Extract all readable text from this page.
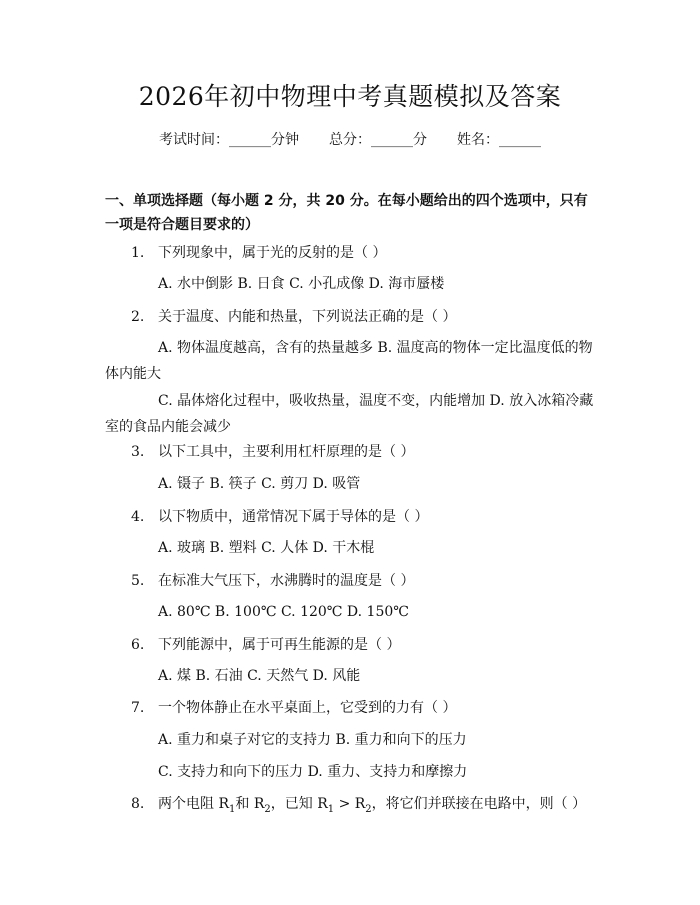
2026年初中物理中考真题模拟及答案
考试时间：______分钟 总分：______分 姓名：______
一、单项选择题（每小题 2 分，共 20 分。在每小题给出的四个选项中，只有一项是符合题目要求的）
1. 下列现象中，属于光的反射的是（ ）
A. 水中倒影 B. 日食 C. 小孔成像 D. 海市蜃楼
2. 关于温度、内能和热量，下列说法正确的是（ ）
A. 物体温度越高，含有的热量越多 B. 温度高的物体一定比温度低的物体内能大
C. 晶体熔化过程中，吸收热量，温度不变，内能增加 D. 放入冰箱冷藏室的食品内能会减少
3. 以下工具中，主要利用杠杆原理的是（ ）
A. 镊子 B. 筷子 C. 剪刀 D. 吸管
4. 以下物质中，通常情况下属于导体的是（ ）
A. 玻璃 B. 塑料 C. 人体 D. 干木棍
5. 在标准大气压下，水沸腾时的温度是（ ）
A. 80℃ B. 100℃ C. 120℃ D. 150℃
6. 下列能源中，属于可再生能源的是（ ）
A. 煤 B. 石油 C. 天然气 D. 风能
7. 一个物体静止在水平桌面上，它受到的力有（ ）
A. 重力和桌子对它的支持力 B. 重力和向下的压力
C. 支持力和向下的压力 D. 重力、支持力和摩擦力
8. 两个电阻 $R_1$和 $R_2$，已知 $R_1 > R_2$，将它们并联接在电路中，则（ ）
